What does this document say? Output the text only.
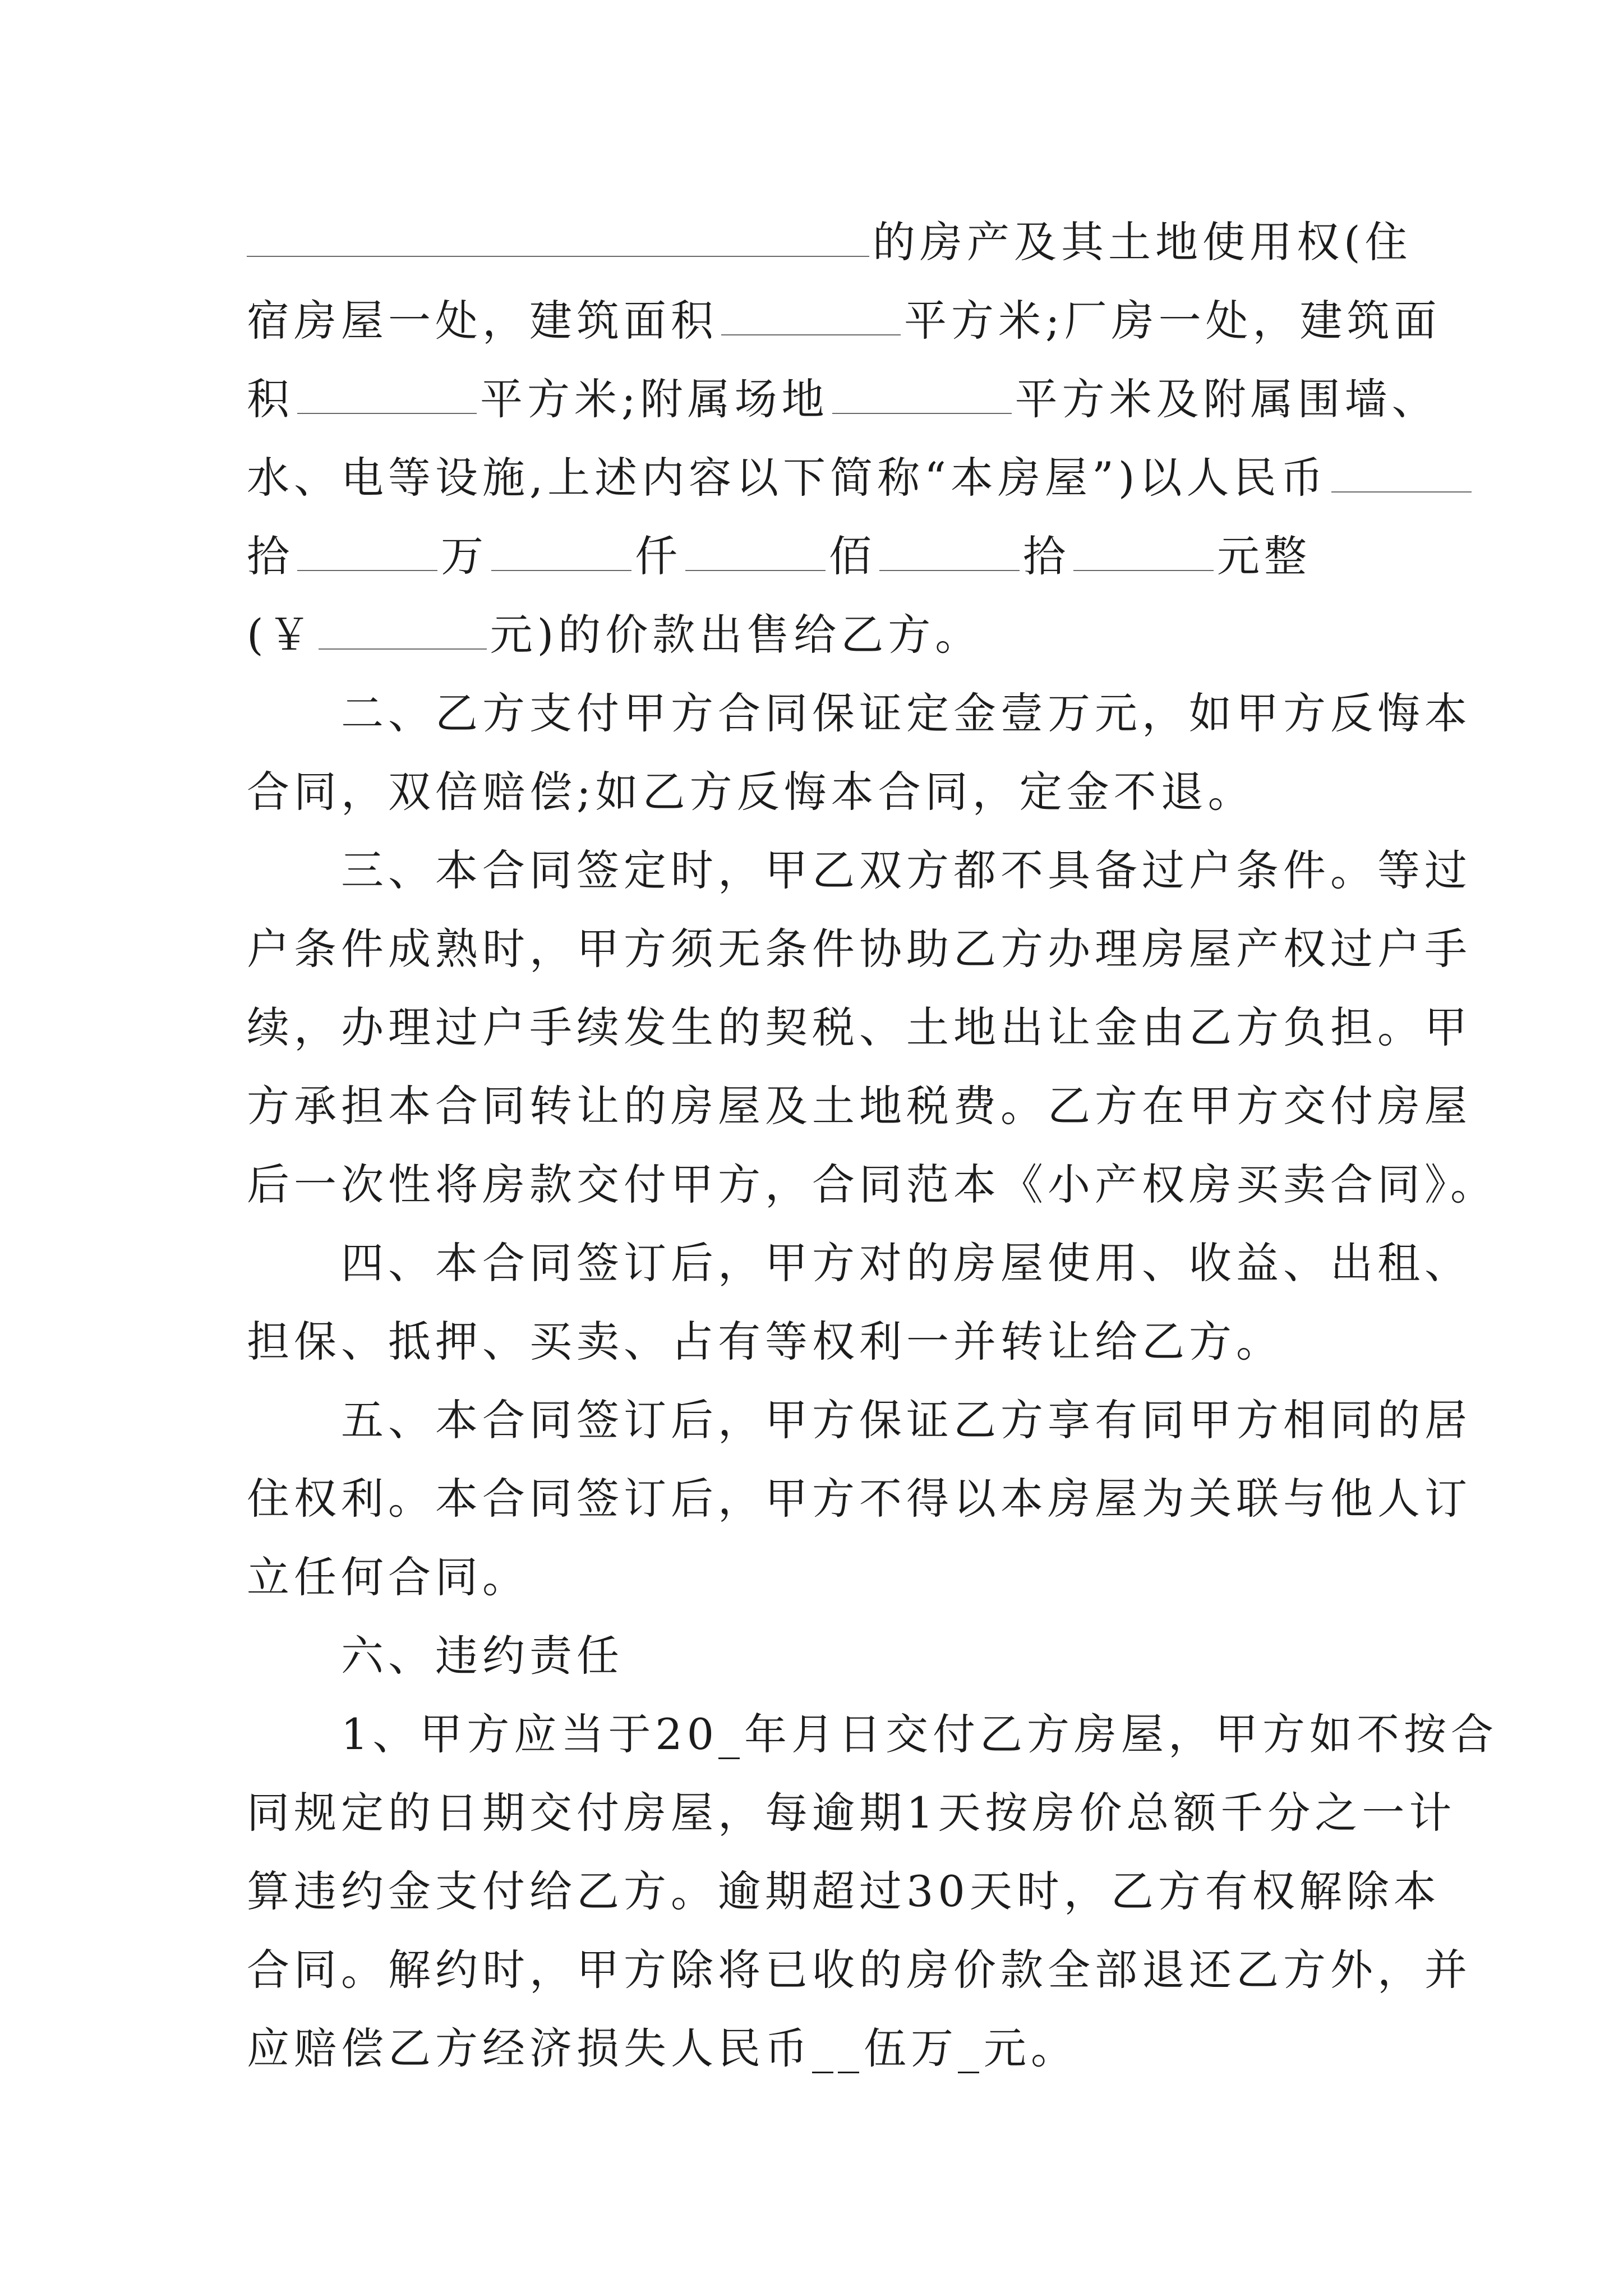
的房产及其土地使用权(住
宿房屋一处，建筑面积	平方米;厂房一处，建筑面
积	平方米;附属场地	平方米及附属围墙、
水、电等设施,上述内容以下简称“本房屋”)以人民币
拾	万	仟	佰	拾	元整
(￥	元)的价款出售给乙方。
　　二、乙方支付甲方合同保证定金壹万元，如甲方反悔本
合同，双倍赔偿;如乙方反悔本合同，定金不退。
　　三、本合同签定时，甲乙双方都不具备过户条件。等过
户条件成熟时，甲方须无条件协助乙方办理房屋产权过户手
续，办理过户手续发生的契税、土地出让金由乙方负担。甲
方承担本合同转让的房屋及土地税费。乙方在甲方交付房屋
后一次性将房款交付甲方，合同范本《小产权房买卖合同》。
　　四、本合同签订后，甲方对的房屋使用、收益、出租、
担保、抵押、买卖、占有等权利一并转让给乙方。
　　五、本合同签订后，甲方保证乙方享有同甲方相同的居
住权利。本合同签订后，甲方不得以本房屋为关联与他人订
立任何合同。
　　六、违约责任
　　1、甲方应当于20_年月日交付乙方房屋，甲方如不按合
同规定的日期交付房屋，每逾期1天按房价总额千分之一计
算违约金支付给乙方。逾期超过30天时，乙方有权解除本
合同。解约时，甲方除将已收的房价款全部退还乙方外，并
应赔偿乙方经济损失人民币__伍万_元。
